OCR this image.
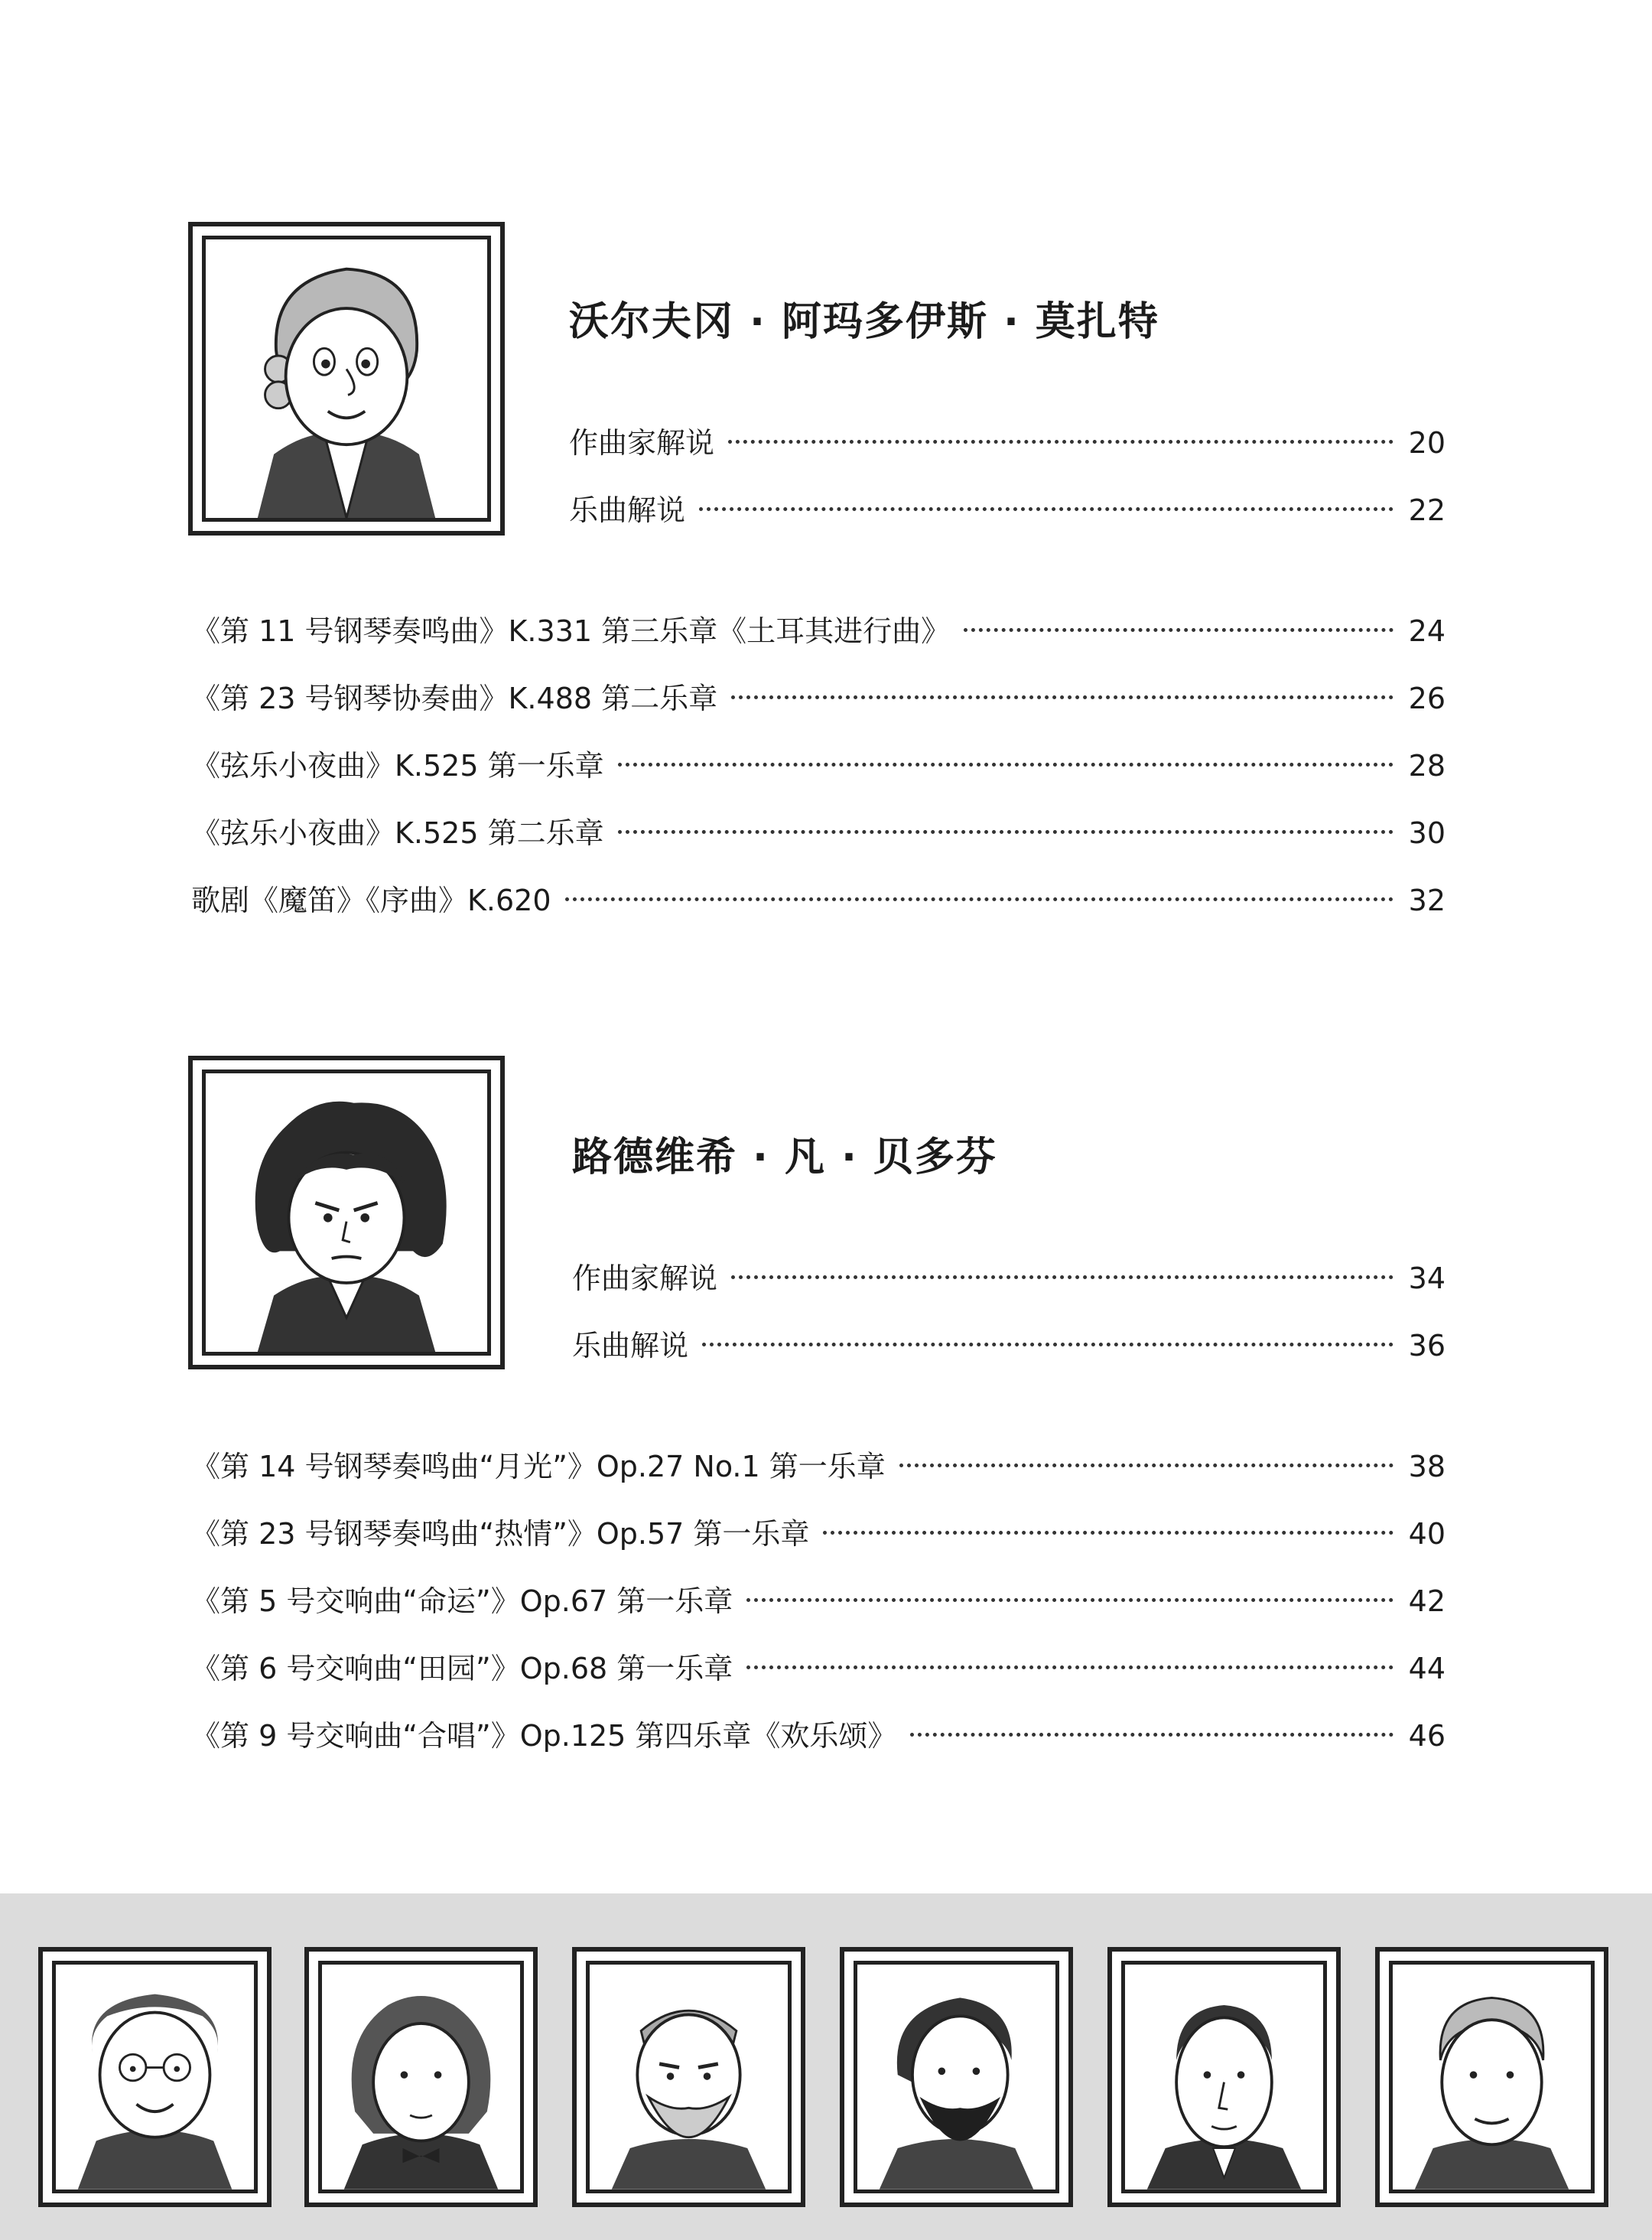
沃尔夫冈 · 阿玛多伊斯 · 莫扎特
作曲家解说	20
乐曲解说	22
《第 11 号钢琴奏鸣曲》K.331 第三乐章《土耳其进行曲》	24
《第 23 号钢琴协奏曲》K.488 第二乐章	26
《弦乐小夜曲》K.525 第一乐章	28
《弦乐小夜曲》K.525 第二乐章	30
歌剧《魔笛》《序曲》K.620	32
路德维希 · 凡 · 贝多芬
作曲家解说	34
乐曲解说	36
《第 14 号钢琴奏鸣曲“月光”》Op.27 No.1 第一乐章	38
《第 23 号钢琴奏鸣曲“热情”》Op.57 第一乐章	40
《第 5 号交响曲“命运”》Op.67 第一乐章	42
《第 6 号交响曲“田园”》Op.68 第一乐章	44
《第 9 号交响曲“合唱”》Op.125 第四乐章《欢乐颂》	46
